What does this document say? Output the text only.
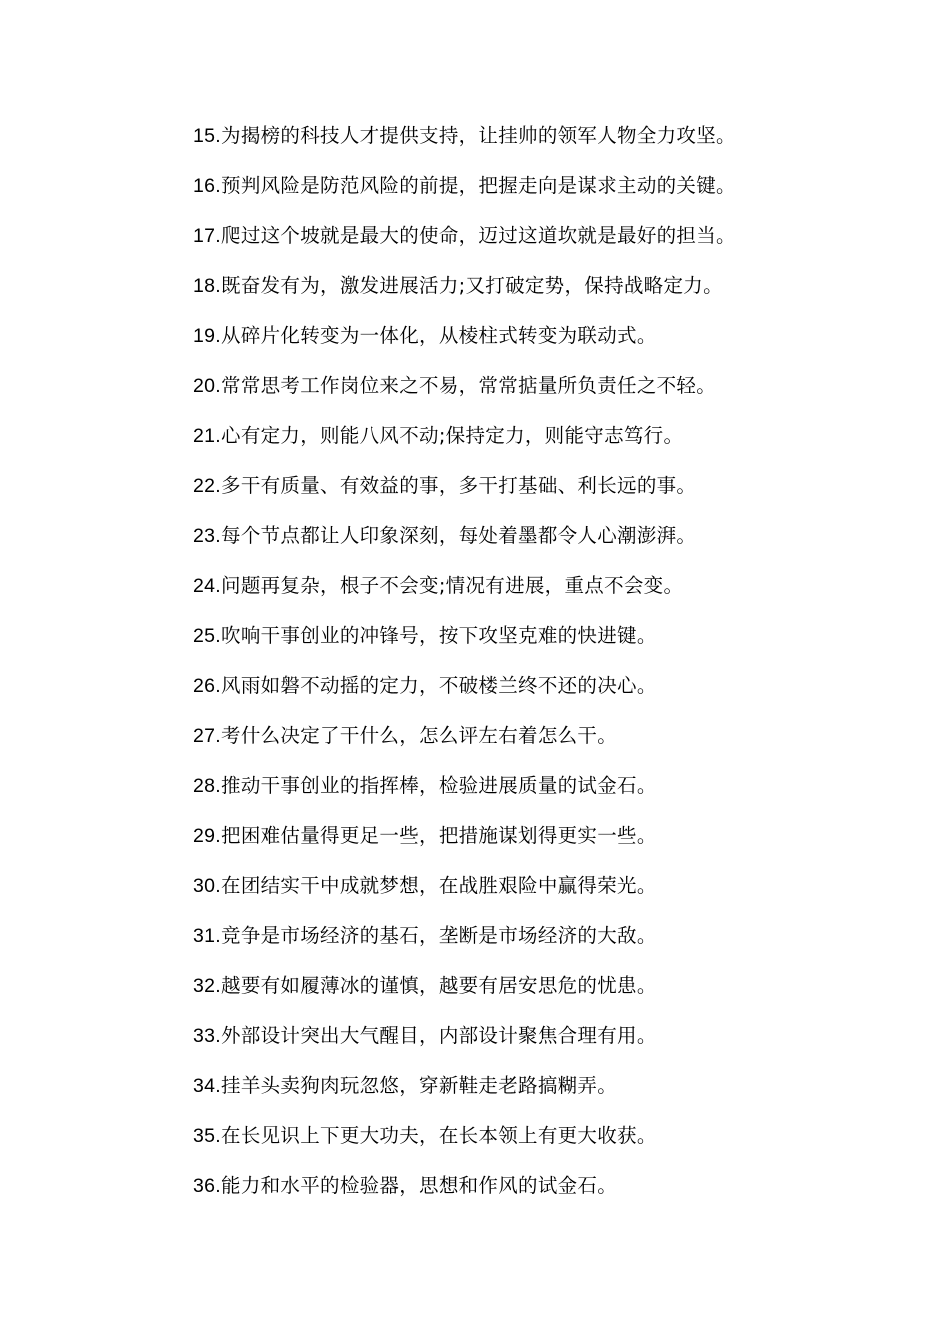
15.为揭榜的科技人才提供支持，让挂帅的领军人物全力攻坚。
16.预判风险是防范风险的前提，把握走向是谋求主动的关键。
17.爬过这个坡就是最大的使命，迈过这道坎就是最好的担当。
18.既奋发有为，激发进展活力;又打破定势，保持战略定力。
19.从碎片化转变为一体化，从棱柱式转变为联动式。
20.常常思考工作岗位来之不易，常常掂量所负责任之不轻。
21.心有定力，则能八风不动;保持定力，则能守志笃行。
22.多干有质量、有效益的事，多干打基础、利长远的事。
23.每个节点都让人印象深刻，每处着墨都令人心潮澎湃。
24.问题再复杂，根子不会变;情况有进展，重点不会变。
25.吹响干事创业的冲锋号，按下攻坚克难的快进键。
26.风雨如磐不动摇的定力，不破楼兰终不还的决心。
27.考什么决定了干什么，怎么评左右着怎么干。
28.推动干事创业的指挥棒，检验进展质量的试金石。
29.把困难估量得更足一些，把措施谋划得更实一些。
30.在团结实干中成就梦想，在战胜艰险中赢得荣光。
31.竞争是市场经济的基石，垄断是市场经济的大敌。
32.越要有如履薄冰的谨慎，越要有居安思危的忧患。
33.外部设计突出大气醒目，内部设计聚焦合理有用。
34.挂羊头卖狗肉玩忽悠，穿新鞋走老路搞糊弄。
35.在长见识上下更大功夫，在长本领上有更大收获。
36.能力和水平的检验器，思想和作风的试金石。
